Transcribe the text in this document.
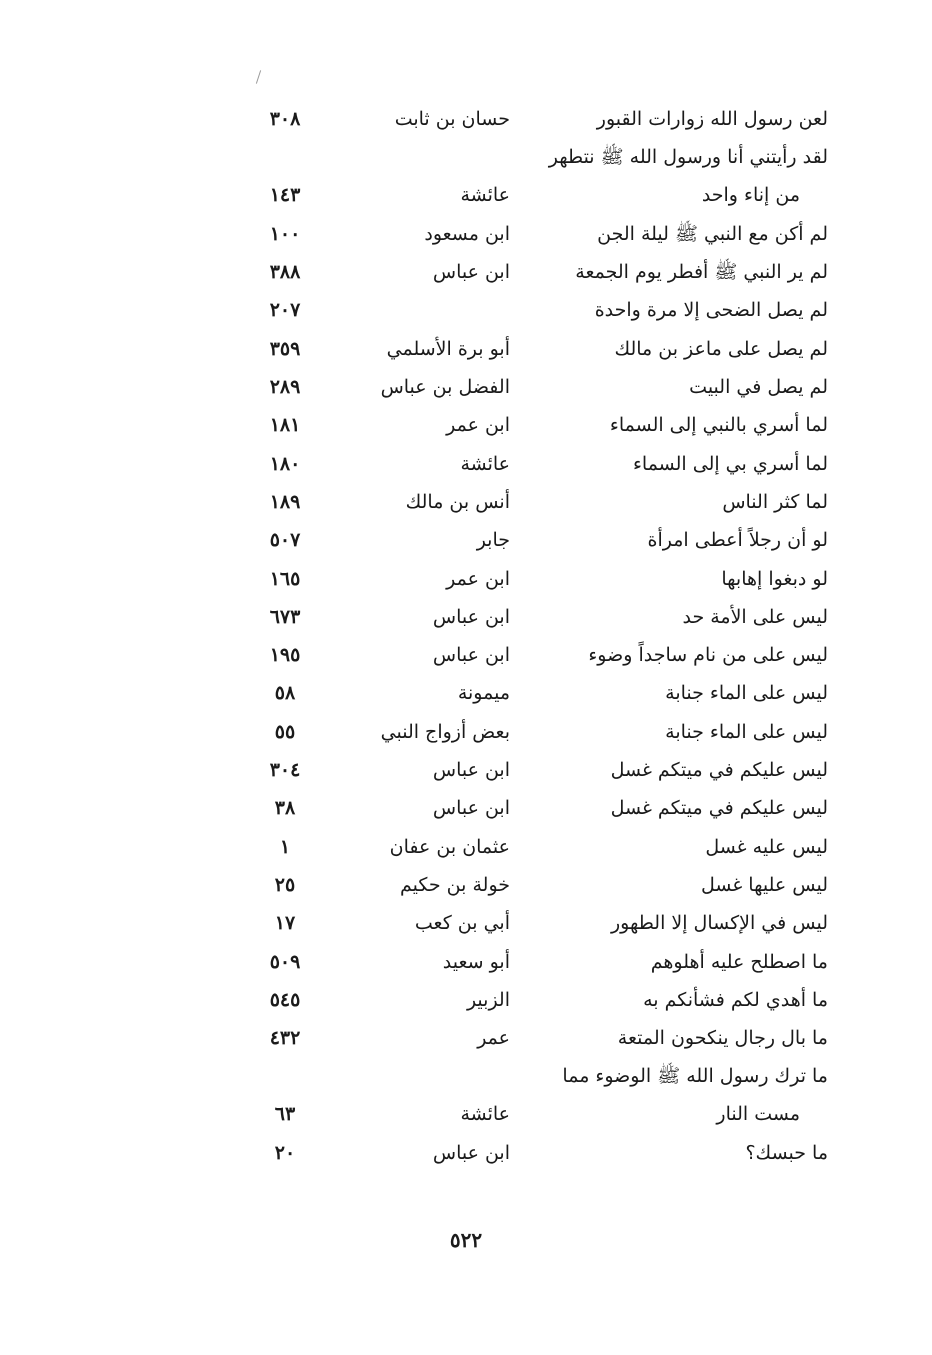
لعن رسول الله زوارات القبور
حسان بن ثابت
٣٠٨
لقد رأيتني أنا ورسول الله ﷺ نتطهر
من إناء واحد
عائشة
١٤٣
لم أكن مع النبي ﷺ ليلة الجن
ابن مسعود
١٠٠
لم ير النبي ﷺ أفطر يوم الجمعة
ابن عباس
٣٨٨
لم يصل الضحى إلا مرة واحدة
٢٠٧
لم يصل على ماعز بن مالك
أبو برة الأسلمي
٣٥٩
لم يصل في البيت
الفضل بن عباس
٢٨٩
لما أسري بالنبي إلى السماء
ابن عمر
١٨١
لما أسري بي إلى السماء
عائشة
١٨٠
لما كثر الناس
أنس بن مالك
١٨٩
لو أن رجلاً أعطى امرأة
جابر
٥٠٧
لو دبغوا إهابها
ابن عمر
١٦٥
ليس على الأمة حد
ابن عباس
٦٧٣
ليس على من نام ساجداً وضوء
ابن عباس
١٩٥
ليس على الماء جنابة
ميمونة
٥٨
ليس على الماء جنابة
بعض أزواج النبي
٥٥
ليس عليكم في ميتكم غسل
ابن عباس
٣٠٤
ليس عليكم في ميتكم غسل
ابن عباس
٣٨
ليس عليه غسل
عثمان بن عفان
١
ليس عليها غسل
خولة بن حكيم
٢٥
ليس في الإكسال إلا الطهور
أبي بن كعب
١٧
ما اصطلح عليه أهلوهم
أبو سعيد
٥٠٩
ما أهدي لكم فشأنكم به
الزبير
٥٤٥
ما بال رجال ينكحون المتعة
عمر
٤٣٢
ما ترك رسول الله ﷺ الوضوء مما
مست النار
عائشة
٦٣
ما حبسك؟
ابن عباس
٢٠
٥٢٢
